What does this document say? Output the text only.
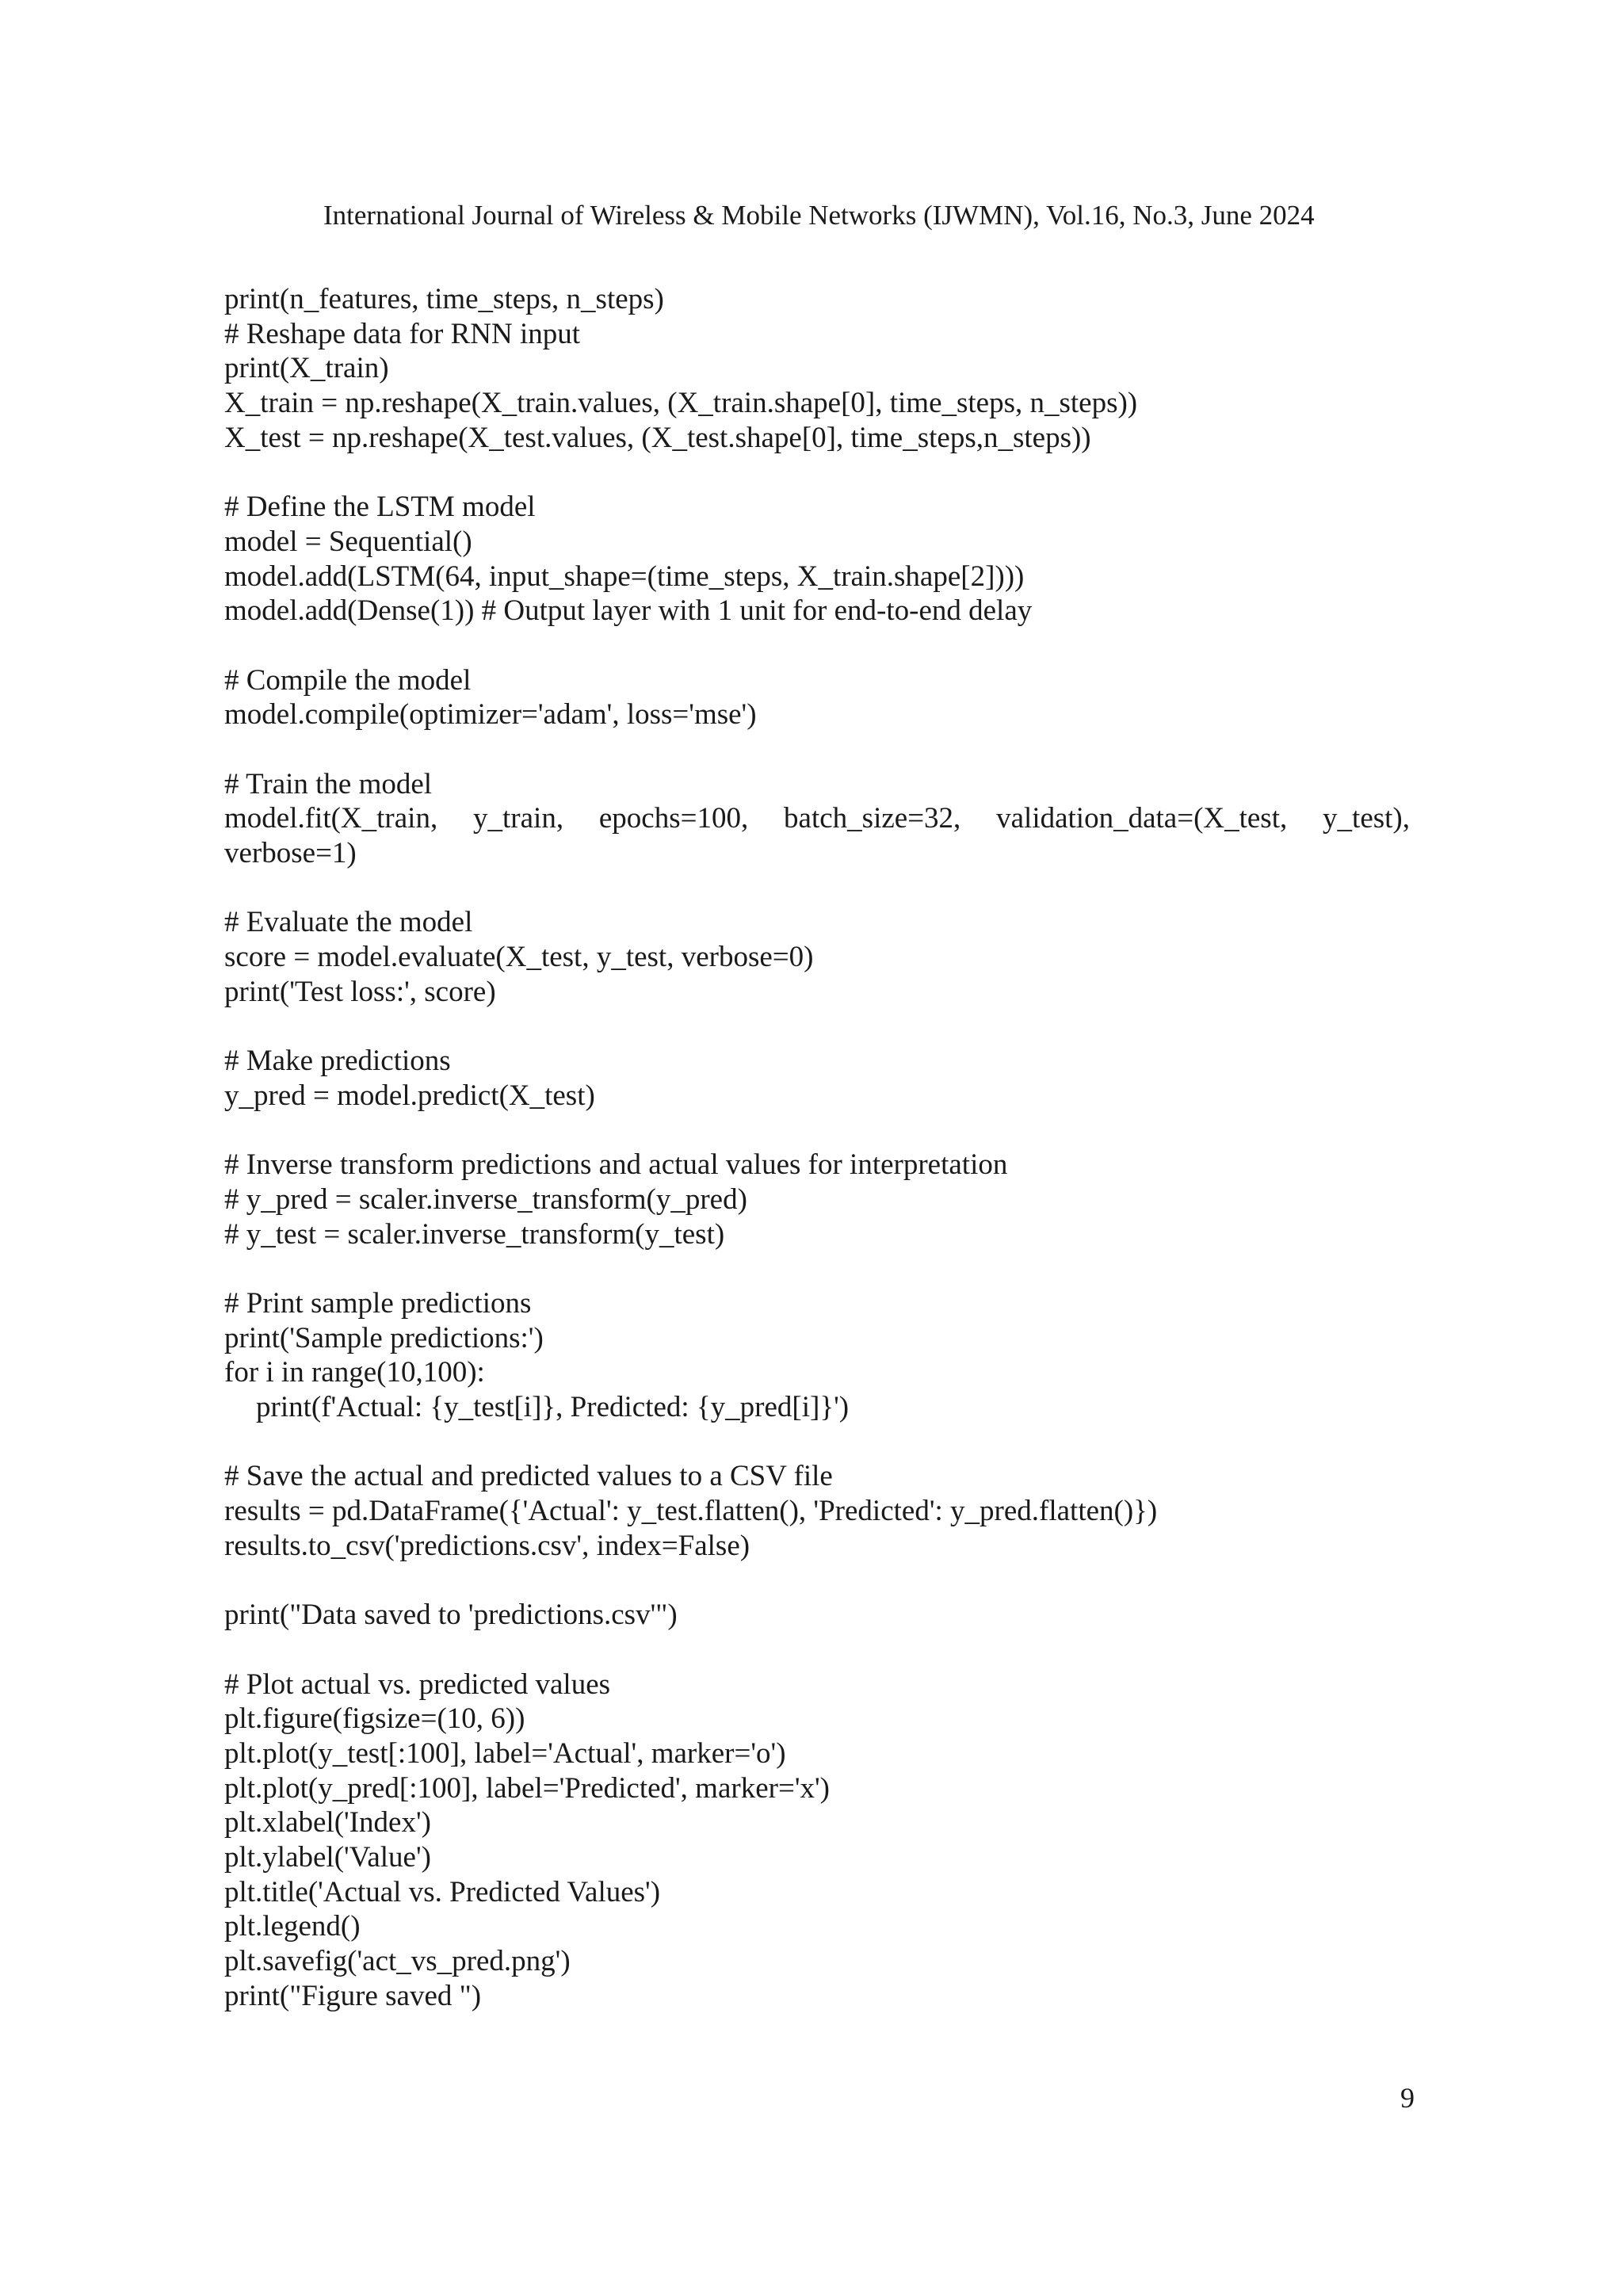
International Journal of Wireless & Mobile Networks (IJWMN), Vol.16, No.3, June 2024
print(n_features, time_steps, n_steps)
# Reshape data for RNN input
print(X_train)
X_train = np.reshape(X_train.values, (X_train.shape[0], time_steps, n_steps))
X_test = np.reshape(X_test.values, (X_test.shape[0], time_steps,n_steps))
# Define the LSTM model
model = Sequential()
model.add(LSTM(64, input_shape=(time_steps, X_train.shape[2])))
model.add(Dense(1)) # Output layer with 1 unit for end-to-end delay
# Compile the model
model.compile(optimizer='adam', loss='mse')
# Train the model
model.fit(X_train, y_train, epochs=100, batch_size=32, validation_data=(X_test, y_test),
verbose=1)
# Evaluate the model
score = model.evaluate(X_test, y_test, verbose=0)
print('Test loss:', score)
# Make predictions
y_pred = model.predict(X_test)
# Inverse transform predictions and actual values for interpretation
# y_pred = scaler.inverse_transform(y_pred)
# y_test = scaler.inverse_transform(y_test)
# Print sample predictions
print('Sample predictions:')
for i in range(10,100):
print(f'Actual: {y_test[i]}, Predicted: {y_pred[i]}')
# Save the actual and predicted values to a CSV file
results = pd.DataFrame({'Actual': y_test.flatten(), 'Predicted': y_pred.flatten()})
results.to_csv('predictions.csv', index=False)
print("Data saved to 'predictions.csv'")
# Plot actual vs. predicted values
plt.figure(figsize=(10, 6))
plt.plot(y_test[:100], label='Actual', marker='o')
plt.plot(y_pred[:100], label='Predicted', marker='x')
plt.xlabel('Index')
plt.ylabel('Value')
plt.title('Actual vs. Predicted Values')
plt.legend()
plt.savefig('act_vs_pred.png')
print("Figure saved ")
9
